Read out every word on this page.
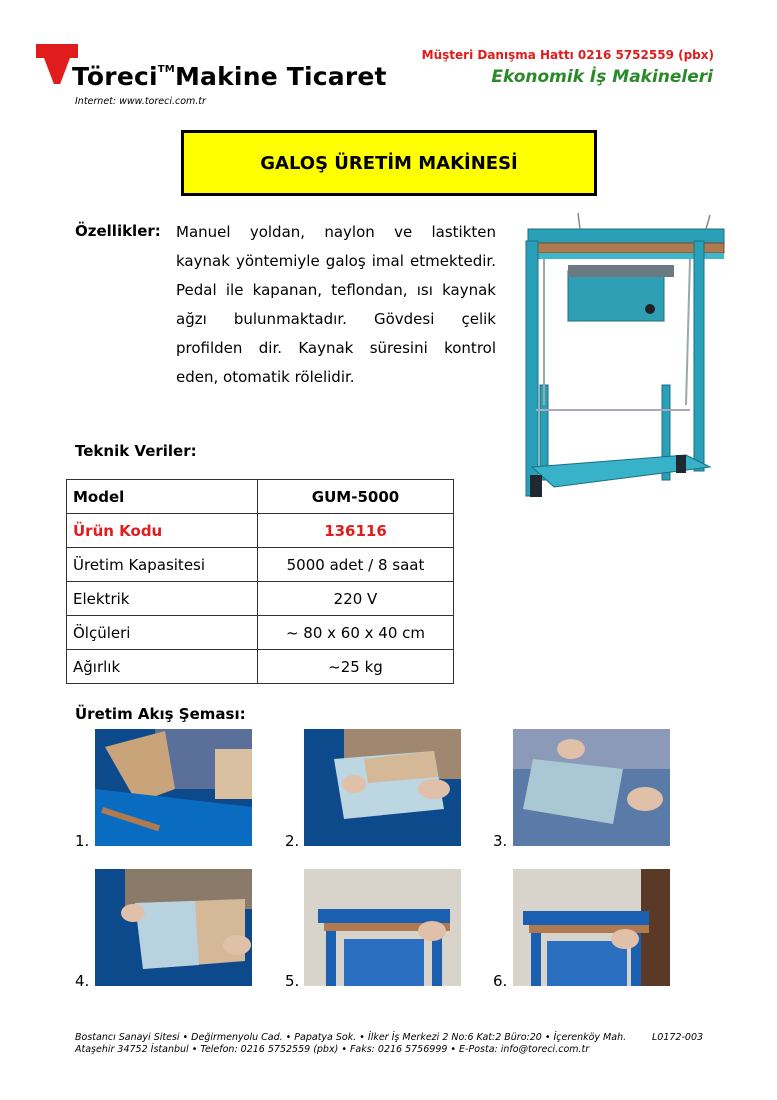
Töreci™Makine Ticaret
Internet: www.toreci.com.tr
Müşteri Danışma Hattı 0216 5752559 (pbx)
Ekonomik İş Makineleri
GALOŞ ÜRETİM MAKİNESİ
Özellikler: Manuel yoldan, naylon ve lastikten kaynak yöntemiyle galoş imal etmektedir. Pedal ile kapanan, teflondan, ısı kaynak ağzı bulunmaktadır. Gövdesi çelik profilden dir. Kaynak süresini kontrol eden, otomatik rölelidir.
Teknik Veriler:
Model	GUM-5000
Ürün Kodu	136116
Üretim Kapasitesi	5000 adet / 8 saat
Elektrik	220 V
Ölçüleri	~ 80 x 60 x 40 cm
Ağırlık	~25 kg
Üretim Akış Şeması:
1.	2.	3.
4.	5.	6.
Bostancı Sanayi Sitesi • Değirmenyolu Cad. • Papatya Sok. • İlker İş Merkezi 2 No:6 Kat:2 Büro:20 • İçerenköy Mah.
Ataşehir 34752 İstanbul • Telefon: 0216 5752559 (pbx) • Faks: 0216 5756999 • E-Posta: info@toreci.com.tr
L0172-003
